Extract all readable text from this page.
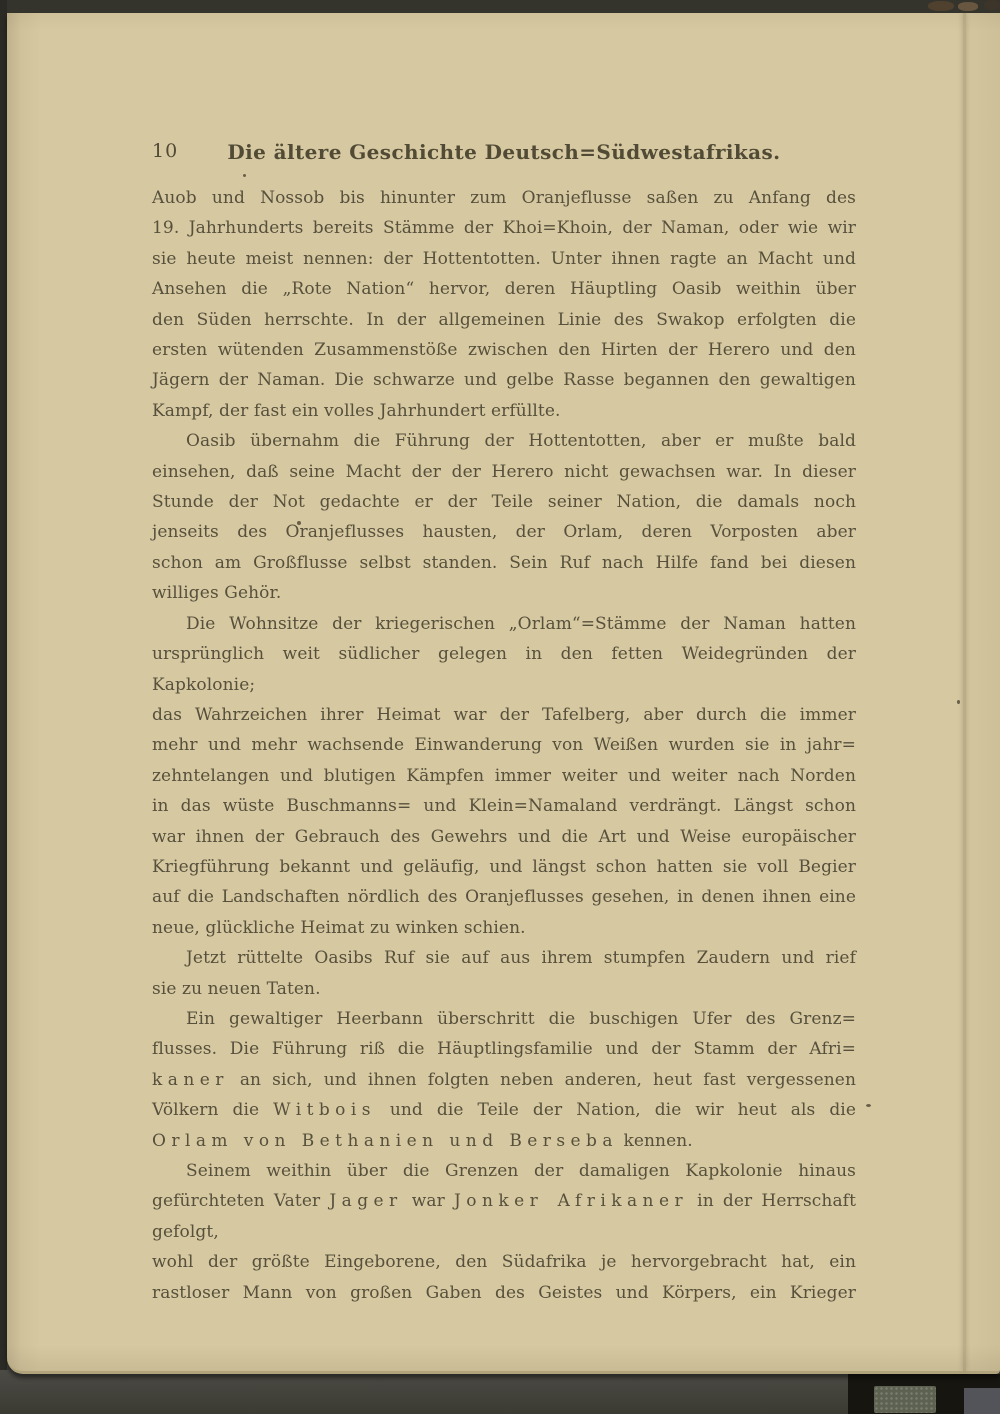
10	Die ältere Geschichte Deutsch=Südwestafrikas.
Auob und Nossob bis hinunter zum Oranjeflusse saßen zu Anfang des
19. Jahrhunderts bereits Stämme der Khoi=Khoin, der Naman, oder wie wir
sie heute meist nennen: der Hottentotten. Unter ihnen ragte an Macht und
Ansehen die „Rote Nation“ hervor, deren Häuptling Oasib weithin über
den Süden herrschte. In der allgemeinen Linie des Swakop erfolgten die
ersten wütenden Zusammenstöße zwischen den Hirten der Herero und den
Jägern der Naman. Die schwarze und gelbe Rasse begannen den gewaltigen
Kampf, der fast ein volles Jahrhundert erfüllte.
Oasib übernahm die Führung der Hottentotten, aber er mußte bald
einsehen, daß seine Macht der der Herero nicht gewachsen war. In dieser
Stunde der Not gedachte er der Teile seiner Nation, die damals noch
jenseits des Oranjeflusses hausten, der Orlam, deren Vorposten aber
schon am Großflusse selbst standen. Sein Ruf nach Hilfe fand bei diesen
williges Gehör.
Die Wohnsitze der kriegerischen „Orlam“=Stämme der Naman hatten
ursprünglich weit südlicher gelegen in den fetten Weidegründen der Kapkolonie;
das Wahrzeichen ihrer Heimat war der Tafelberg, aber durch die immer
mehr und mehr wachsende Einwanderung von Weißen wurden sie in jahr=
zehntelangen und blutigen Kämpfen immer weiter und weiter nach Norden
in das wüste Buschmanns= und Klein=Namaland verdrängt. Längst schon
war ihnen der Gebrauch des Gewehrs und die Art und Weise europäischer
Kriegführung bekannt und geläufig, und längst schon hatten sie voll Begier
auf die Landschaften nördlich des Oranjeflusses gesehen, in denen ihnen eine
neue, glückliche Heimat zu winken schien.
Jetzt rüttelte Oasibs Ruf sie auf aus ihrem stumpfen Zaudern und rief
sie zu neuen Taten.
Ein gewaltiger Heerbann überschritt die buschigen Ufer des Grenz=
flusses. Die Führung riß die Häuptlingsfamilie und der Stamm der Afri=
kaner an sich, und ihnen folgten neben anderen, heut fast vergessenen
Völkern die Witbois und die Teile der Nation, die wir heut als die
Orlam von Bethanien und Berseba kennen.
Seinem weithin über die Grenzen der damaligen Kapkolonie hinaus
gefürchteten Vater Jager war Jonker Afrikaner in der Herrschaft gefolgt,
wohl der größte Eingeborene, den Südafrika je hervorgebracht hat, ein
rastloser Mann von großen Gaben des Geistes und Körpers, ein Krieger
